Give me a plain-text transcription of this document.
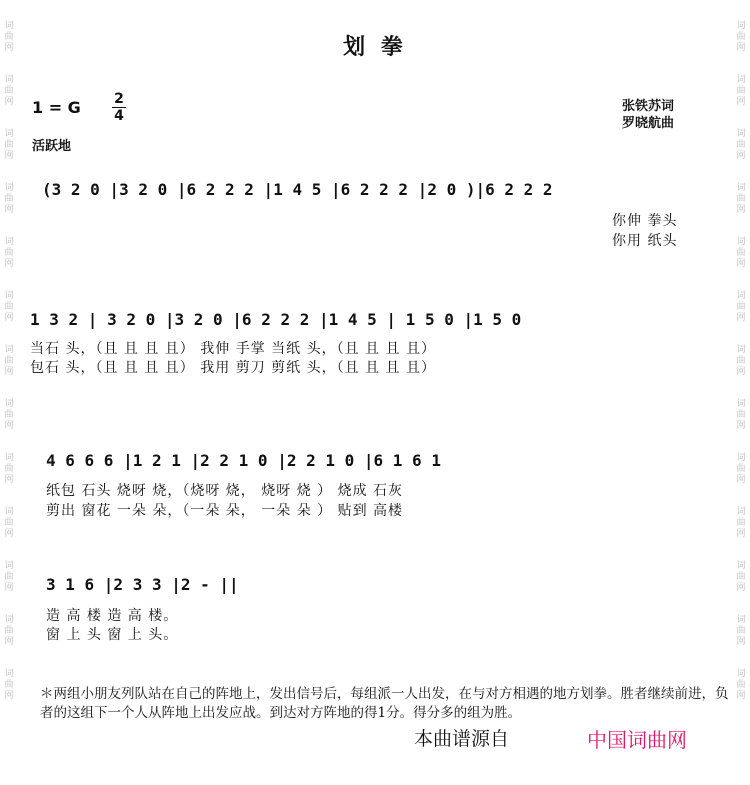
词
曲
网
词
曲
网
词
曲
网
词
曲
网
词
曲
网
词
曲
网
词
曲
网
词
曲
网
词
曲
网
词
曲
网
词
曲
网
词
曲
网
词
曲
网
词
曲
网
词
曲
网
词
曲
网
词
曲
网
词
曲
网
词
曲
网
词
曲
网
词
曲
网
词
曲
网
词
曲
网
词
曲
网
词
曲
网
词
曲
网
划 拳
1 = G 2
4
活跃地
张铁苏词
罗晓航曲
(3 2 0 |3 2 0 |6 2 2 2 |1 4 5 |6 2 2 2 |2 0 )|6 2 2 2
你伸 拳头
你用 纸头
1 3 2 | 3 2 0 |3 2 0 |6 2 2 2 |1 4 5 | 1 5 0 |1 5 0
当石 头，（且 且 且 且） 我伸 手掌 当纸 头，（且 且 且 且）
包石 头，（且 且 且 且） 我用 剪刀 剪纸 头，（且 且 且 且）
4 6 6 6 |1 2 1 |2 2 1 0 |2 2 1 0 |6 1 6 1
纸包 石头 烧呀 烧，（烧呀 烧， 烧呀 烧 ） 烧成 石灰
剪出 窗花 一朵 朵，（一朵 朵， 一朵 朵 ） 贴到 高楼
3 1 6 |2 3 3 |2 - ||
造 高 楼 造 高 楼。
窗 上 头 窗 上 头。
＊两组小朋友列队站在自己的阵地上，发出信号后，每组派一人出发，在与对方相遇的地方划拳。胜者继续前进，负者的这组下一个人从阵地上出发应战。到达对方阵地的得1分。得分多的组为胜。
本曲谱源自	中国词曲网
